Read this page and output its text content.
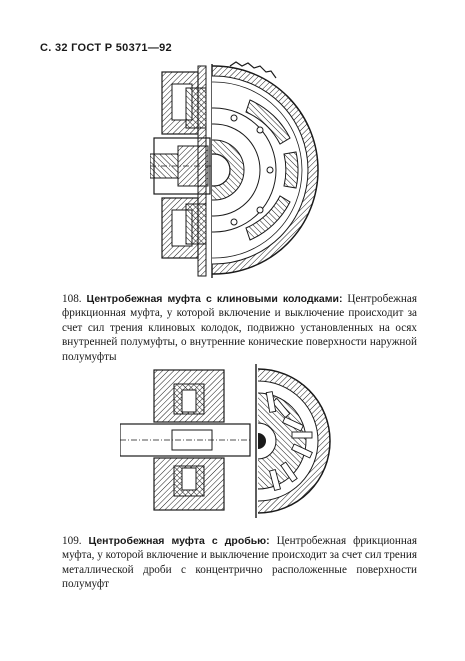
С. 32 ГОСТ Р 50371—92
108. Центробежная муфта с клиновыми колодками: Центробежная фрикционная муфта, у которой включение и выключение происходит за счет сил трения клиновых колодок, подвижно установленных на осях внутренней полумуфты, о внутренние конические поверхности наружной полумуфты
109. Центробежная муфта с дробью: Центробежная фрикционная муфта, у которой включение и выключение происходит за счет сил трения металлической дроби с концентрично расположенные поверхности полумуфт
